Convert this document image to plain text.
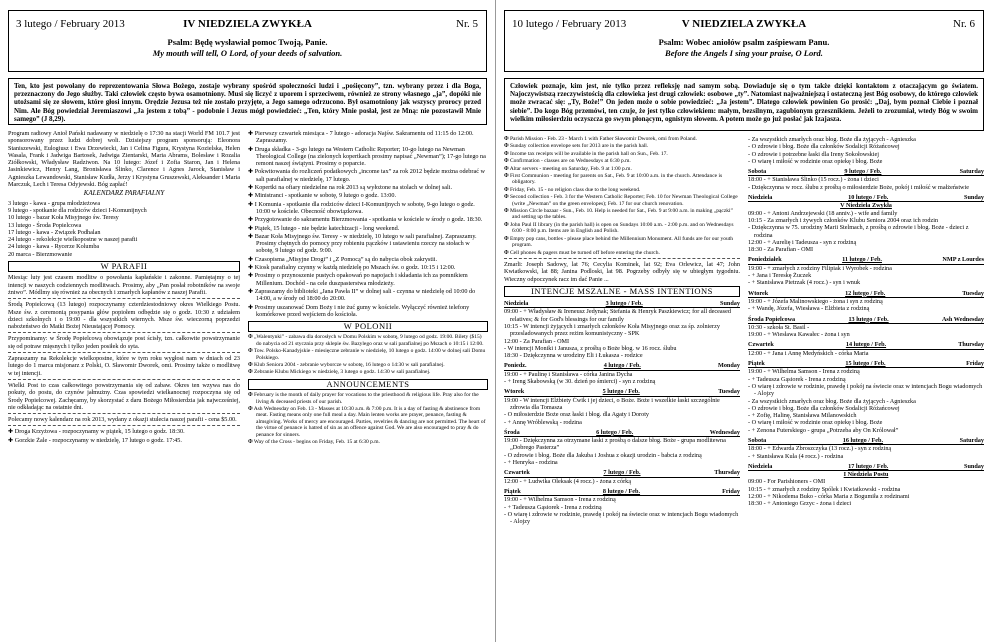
3 lutego / February 2013	IV NIEDZIELA ZWYKŁA	Nr. 5
Psalm: Będę wysławiał pomoc Twoją, Panie.
My mouth will tell, O Lord, of your deeds of salvation.
Ten, kto jest powołany do reprezentowania Słowa Bożego, zostaje wybrany spośród społeczności ludzi i „pośięcony”, tzn. wybrany przez i dla Boga, przeznaczony do Jego służby. Taki człowiek często bywa osamotniony. Musi się liczyć z uporem i sprzeciwem, również ze strony własnego „ja”, dopóki nie utożsami się ze słowem, które głosi innym. Orędzie Jezusa też nie zostało przyjęte, a Jego samego odrzucono. Był osamotniony jak wszyscy prorocy przed Nim. Ale Bóg powiedział Jeremiaszowi „Ja jestem z tobą” - podobnie i Jezus mógł powiedzieć: „Ten, który Mnie posłał, jest ze Mną: nie pozostawił Mnie samego” (J 8,29).
Program radiowy Anioł Pański nadawany w niedzielę o 17:30 na stacji World FM 101.7 jest sponsorowany przez ludzi dobrej woli. Dzisiejszy program sponsorują: Eleonora Staniszewski, Eulogiusz i Ewa Drzewiecki, Jan i Celina Figura, Krystyna Kozielska, Helen Wasala, Frank i Jadwiga Bartosek, Jadwiga Zientarski, Maria Abrams, Bolesław i Rozalia Ziółkowski, Władysław Radziwon. Na 10 lutego: Józef i Zofia Staron, Jan i Helena Jasinkiewicz, Henry Lang, Bronisława Ślinko, Clarence i Agnes Jarock, Stanisław i Agnieszka Lewandowski, Stanisław Kudła, Jerzy i Krystyna Gruszewski, Aleksander i Maria Marczuk, Lech i Teresa Odyjewski. Bóg zapłać!
KALENDARZ PARAFIALNY
3 lutego - kawa - grupa młodzieżowa
9 lutego - spotkanie dla rodziców dzieci I-Komunijnych
10 lutego - bazar Koła Misyjnego św. Teresy
13 lutego - Środa Popielcowa
17 lutego - kawa - Związek Podhalan
24 lutego - rekolekcje wielkopostne w naszej parafii
24 lutego - kawa - Rycerze Kolumba
20 marca - Bierzmowanie
W PARAFII
Miesiąc luty jest czasem modlitw o powołania kapłańskie i zakonne. Pamiętajmy o tej intencji w naszych codziennych modlitwach. Prosimy, aby „Pan posłał robotników na swoje żniwo”. Módlmy się również za obecnych i zmarłych kapłanów z naszej Parafii.
Środą Popielcową (13 lutego) rozpoczynamy czterdziestodniowy okres Wielkiego Postu. Msze św. z ceremonią posypania głów popiołem odbędzie się o godz. 10:30 z udziałem dzieci szkolnych i o 19:00 - dla wszystkich wiernych. Msze św. wieczorną poprzedzi nabożeństwo do Matki Bożej Nieustającej Pomocy.
Przypominamy: w Środę Popielcową obowiązuje post ścisły, tzn. całkowite powstrzymanie się od potraw mięsnych i tylko jeden posiłek do syta.
Zapraszamy na Rekolekcje wielkopostne, które w tym roku wygłosi nam w dniach od 23 lutego do 1 marca misjonarz z Polski, O. Sławomir Dworek, omi. Prosimy także o modlitwę w tej intencji.
Wielki Post to czas całkowitego powstrzymania się od zabaw. Okres ten wzywa nas do pokuty, do postu, do czynów jałmużny. Czas spowiedzi wielkanocnej rozpoczyna się od Środy Popielcowej. Zachęcamy, by skorzystać z daru Bożego Miłosierdzia jak najwcześniej, nie odkładając na ostatnie dni.
Polecamy nowy kalendarz na rok 2013, wydany z okazji stulecia naszej parafii - cena $5.00.
✚ Droga Krzyżowa - rozpoczynamy w piątek, 15 lutego o godz. 18:30.
✚ Gorzkie Żale - rozpoczynamy w niedzielę, 17 lutego o godz. 17:45.
✚ Pierwszy czwartek miesiąca - 7 lutego - adoracja Najśw. Sakramentu od 11:15 do 12:00. Zapraszamy.
✚ Druga składka - 3-go lutego na Western Catholic Reporter; 10-go lutego na Newman Theological College (na zielonych kopertkach prosimy napisać „Newman”); 17-go lutego na remont naszej świątyni. Prosimy o poparcie.
✚ Pokwitowania do rozliczeń podatkowych „income tax” za rok 2012 będzie można odebrać w sali parafialnej w niedzielę, 17 lutego.
✚ Kopertki na ofiary niedzielne na rok 2013 są wyłożone na stolach w dolnej sali.
✚ Ministranci - spotkanie w sobotę, 9 lutego o godz. 13:00.
✚ I Komunia - spotkanie dla rodziców dzieci I-Komunijnych w sobotę, 9-go lutego o godz. 10:00 w kościele. Obecność obowiązkowa.
✚ Przygotowanie do sakramentu Bierzmowania - spotkania w kościele w środy o godz. 18:30.
✚ Piątek, 15 lutego - nie będzie katechizacji - long weekend.
✚ Bazar Koła Misyjnego św. Teresy - w niedzielę, 10 lutego w sali parafialnej. Zapraszamy. Prosimy chętnych do pomocy przy robieniu pączków i ustawieniu rzeczy na stołach w sobotę, 9 lutego od godz. 9:00.
✚ Czasopisma „Misyjne Drogi” i „Z Pomocą” są do nabycia obok zakrystii.
✚ Kiosk parafialny czynny w każdą niedzielę po Mszach św. o godz. 10:15 i 12:00.
✚ Prosimy o przynoszenie pustych opakowań po napojach i składania ich za pomnikiem Millenium. Dochód - na cele duszpasterstwa młodzieży.
✚ Zapraszamy do biblioteki „Jana Pawła II” w dolnej sali - czynna w niedzielę od 10:00 do 14:00, a w środy od 18:00 do 20:00.
✚ Prosimy uszanować Dom Boży i nie żuć gumy w kościele. Wyłączyć również telefony komórkowe przed wejściem do kościoła.
W POLONII
✠ „Walentynki” - zabawa dla dorosłych w Domu Polskim w sobotę, 9 lutego od godz. 19:00. Bilety ($15) do nabycia od 21 stycznia przy sklepie św. Bazylego oraz w sali parafialnej po Mszach o 10:15 i 12:00.
✠ Tow. Polsko-Kanadyjskie - miesięczne zebranie w niedzielę, 10 lutego o godz. 14:00 w dolnej sali Domu Polskiego.
✠ Klub Seniora 2004 - zebranie wyborcze w sobotę, 16 lutego o 14:30 w sali parafialnej.
✠ Zebranie Klubu Mickiego w niedzielę, 3 lutego o godz. 14:30 w sali parafialnej.
ANNOUNCEMENTS
✠ February is the month of daily prayer for vocations to the priesthood & religious life. Pray also for the living & deceased priests of our parish.
✠ Ash Wednesday on Feb. 13 - Masses at 10:30 a.m. & 7:00 p.m. It is a day of fasting & abstinence from meat. Fasting means only one full meal a day. Main lenten works are prayer, penance, fasting & almsgiving. Works of mercy are encouraged. Parties, revelries & dancing are not permitted. The heart of the virtue of penance is hatred of sin as an offence against God. We are also encouraged to pray & do penance for sinners.
✠ Way of the Cross - begins on Friday, Feb. 15 at 6:30 p.m.
10 lutego / February 2013	V NIEDZIELA ZWYKŁA	Nr. 6
Psalm: Wobec aniołów psalm zaśpiewam Panu.
Before the Angels I sing your praise, O Lord.
Człowiek poznaje, kim jest, nie tylko przez refleksję nad samym sobą. Dowiaduje się o tym także dzięki kontaktom z otaczającym go światem. Najoczywistszą rzeczywistością dla człowieka jest drugi człowiek: osobowe „ty”. Natomiast najważniejszą i ostateczną jest Bóg osobowy, do którego człowiek może zwracać się: „Ty, Boże!” On jeden może o sobie powiedzieć: „Ja jestem”. Dlatego człowiek powinien Go prosić: „Daj, bym poznał Ciebie i poznał siebie”. Do kogo Bóg przemówi, ten czuje, że jest tylko człowiekiem: małym, bezsilnym, zagubionym grzesznikiem. Jeżeli to zrozumiał, wtedy Bóg w swoim wielkim miłosierdziu oczyszcza go swym płonącym, ognistym słowem. A potem może go już posłać jak Izajasza.
✠ Parish Mission - Feb. 23 - March 1 with Father Sławomir Dworek, omi from Poland.
✠ Sunday collection envelope sets for 2013 are in the parish hall.
✠ Income tax receipts will be available in the parish hall on Sun., Feb. 17.
✠ Confirmation - classes are on Wednesdays at 6:30 p.m.
✠ Altar servers - meeting on Saturday, Feb. 9 at 1:00 p.m.
✠ First Communion - meeting for parents on Sat., Feb. 9 at 10:00 a.m. in the church. Attendance is obligatory.
✠ Friday, Feb. 15 - no religion class due to the long weekend.
✠ Second collection - Feb. 3 for the Western Catholic Reporter; Feb. 10 for Newman Theological College (write „Newman” on the green envelopes); Feb. 17 for our church renovation.
✠ Mission Circle bazaar - Sun., Feb. 10. Help is needed for Sat., Feb. 9 at 9:00 a.m. in making „pączki” and setting up the tables.
✠ John Paul II library (in the parish hall) is open on Sundays 10:00 a.m. - 2:00 p.m. and on Wednesdays 6:00 - 8:00 p.m. Items are in English and Polish.
✠ Empty pop cans, bottles - please place behind the Millennium Monument. All funds are for our youth program.
✠ Cell phones & pagers must be turned off before entering the church.
Zmarli: Joseph Sadowy, lat 76; Cecylia Kominek, lat 92; Eva Orlewicz, lat 47; John Kwiatkowski, lat 88; Janina Podloski, lat 98. Pogrzeby odbyły się w ubiegłym tygodniu. Wieczny odpoczynek racz im dać Panie ...
INTENCJE MSZALNE - MASS INTENTIONS
Niedziela	3 lutego / Feb.	Sunday
09:00 - + Władysław & Ireneusz Jedynak; Stefania & Henryk Paszkiewicz; for all deceased relatives; & for God's blessings for our family
10:15 - W intencji żyjących i zmarłych członków Koła Misyjnego oraz za śp. zolnierzy przesladowanych przez reżim komunistyczny - SPK
12:00 - Za Parafian - OMI
- W intencji Moniki i Janusza, z prośbą o Boże błog. w 16 rocz. ślubu
18:30 - Dziękczynna w urodziny Eli i Łukasza - rodzice
Poniedz.	4 lutego / Feb.	Monday
19:00 - + Paulinę i Stanisława - córka Janina Dycha
- + Ireng Skabowską (w 30. dzień po śmierci) - syn z rodziną
Wtorek	5 lutego / Feb.	Tuesday
19:00 - W intencji Elżbiety Ćwik i jej dzieci, o Boże. Boże i wszelkie łaski szczególnie zdrowia dla Tomasza
- O miłosierdzie Boże oraz łaski i błog. dla Agaty i Doroty
- + Annę Wróblewską - rodzina
Środa	6 lutego / Feb.	Wednesday
19:00 - Dziękczynna za otrzymane łaski z prośbą o dalsze błog. Boże - grupa modlitewna „Dobrego Pasterza”
- O zdrowie i błog. Boże dla Jakuba i Joshua z okazji urodzin - babcia z rodziną
- + Henryka - rodzina
Czwartek	7 lutego / Feb.	Thursday
12:00 - + Ludwika Oleksak (4 rocz.) - żona z córką
Piątek	8 lutego / Feb.	Friday
19:00 - + Wilhelma Samson - Irena z rodziną
- + Tadeusza Gąsiorek - Irena z rodziną
- O wiarę i zdrowie w rodzinie, prawdę i pokój na świecie oraz w intencjach Bogu wiadomych - Alojzy
- Za wszystkich zmarłych oraz błog. Boże dla żyjących - Agnieszka
- O zdrowie i błog. Boże dla członków Sodalicji Różańcowej
- O zdrowie i potrzebne łaski dla Ireny Sokołowskiej
- O wiarę i miłość w rodzinie oraz opiekę i błog. Boże
Sobota	9 lutego / Feb.	Saturday
18:00 - + Stanisława Ślinko (15 rocz.) - żona i dzieci
- Dziękczynna w rocz. ślubu z prośbą o miłosierdzie Boże, pokój i miłość w małżeństwie
Niedziela	10 lutego / Feb.	Sunday
V Niedziela Zwykła
09:00 - + Antoni Andrzejewski (18 anniv.) - wife and family
10:15 - Za zmarłych i żywych członków Klubu Seniora 2004 oraz ich rodzin
- Dziękczynna w 75. urodziny Marii Stelmach, z prośbą o zdrowie i błog. Boże - dzieci z rodzina
12:00 - + Aurelię i Tadeusza - syn z rodziną
18:30 - Za Parafian - OMI
Poniedziałek	11 lutego / Feb.	NMP z Lourdes
19:00 - + zmarłych z rodziny Filipiak i Wyrobek - rodzina
- + Jana i Tereskę Żuczek
- + Stanisława Pietrzak (4 rocz.) - syn i wnuk
Wtorek	12 lutego / Feb.	Tuesday
19:00 - + Józefa Malinowskiego - żona i syn z rodziną
- + Wandę, Józefa, Wiesława - Elżbieta z rodziną
Środa Popielcowa	13 lutego / Feb.	Ash Wednesday
10:30 - szkoła St. Basil -
19:00 - + Wiesława Kawałec - żona i syn
Czwartek	14 lutego / Feb.	Thursday
12:00 - + Jana i Annę Medyńskich - córka Maria
Piątek	15 lutego / Feb.	Friday
19:00 - + Wilhelma Samson - Irena z rodziną
- + Tadeusza Gąsiorek - Irena z rodziną
- O wiarę i zdrowie w rodzinie, prawdę i pokój na świecie oraz w intencjach Bogu wiadomych - Alojzy
- Za wszystkich zmarłych oraz błog. Boże dla żyjących - Agnieszka
- O zdrowie i błog. Boże dla członków Sodalicji Różańcowej
- + Zofię, Halinę, Stanisława Milanowskich
- O wiarę i miłość w rodzinie oraz opiekę i błog. Boże
- + Zenona Futerskiego - grupa „Potrzeba aby On Królował”
Sobota	16 lutego / Feb.	Saturday
18:00 - + Edwarda Zbroszczyka (13 rocz.) - syn z rodziną
- + Stanisława Kula (4 rocz.) - rodzina
Niedziela	17 lutego / Feb.	Sunday
I Niedziela Postu
09:00 - For Parishioners - OMI
10:15 - + zmarłych z rodziny Spólek i Kwiatkowski - rodzina
12:00 - + Nikodema Buko - córka Maria z Bogumiła z rodzinami
18:30 - + Antoniego Grzyc - żona i dzieci
